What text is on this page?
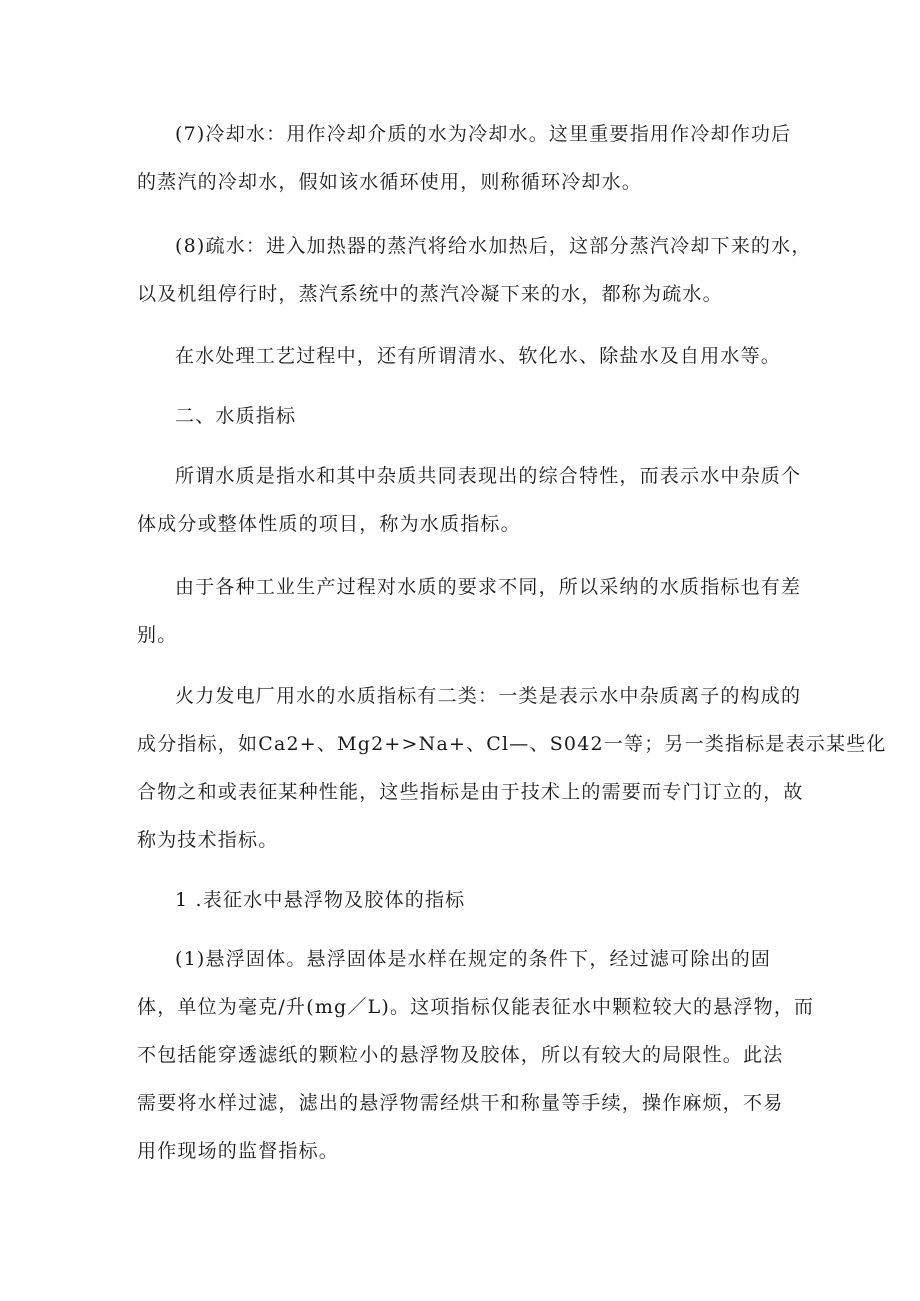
(7)冷却水：用作冷却介质的水为冷却水。这里重要指用作冷却作功后
的蒸汽的冷却水，假如该水循环使用，则称循环冷却水。
(8)疏水：进入加热器的蒸汽将给水加热后，这部分蒸汽冷却下来的水，
以及机组停行时，蒸汽系统中的蒸汽冷凝下来的水，都称为疏水。
在水处理工艺过程中，还有所谓清水、软化水、除盐水及自用水等。
二、水质指标
所谓水质是指水和其中杂质共同表现出的综合特性，而表示水中杂质个
体成分或整体性质的项目，称为水质指标。
由于各种工业生产过程对水质的要求不同，所以采纳的水质指标也有差
别。
火力发电厂用水的水质指标有二类：一类是表示水中杂质离子的构成的
成分指标，如Ca2+、Mg2+>Na+、Cl—、S042一等；另一类指标是表示某些化
合物之和或表征某种性能，这些指标是由于技术上的需要而专门订立的，故
称为技术指标。
1 .表征水中悬浮物及胶体的指标
(1)悬浮固体。悬浮固体是水样在规定的条件下，经过滤可除出的固
体，单位为毫克/升(mg／L)。这项指标仅能表征水中颗粒较大的悬浮物，而
不包括能穿透滤纸的颗粒小的悬浮物及胶体，所以有较大的局限性。此法
需要将水样过滤，滤出的悬浮物需经烘干和称量等手续，操作麻烦，不易
用作现场的监督指标。
